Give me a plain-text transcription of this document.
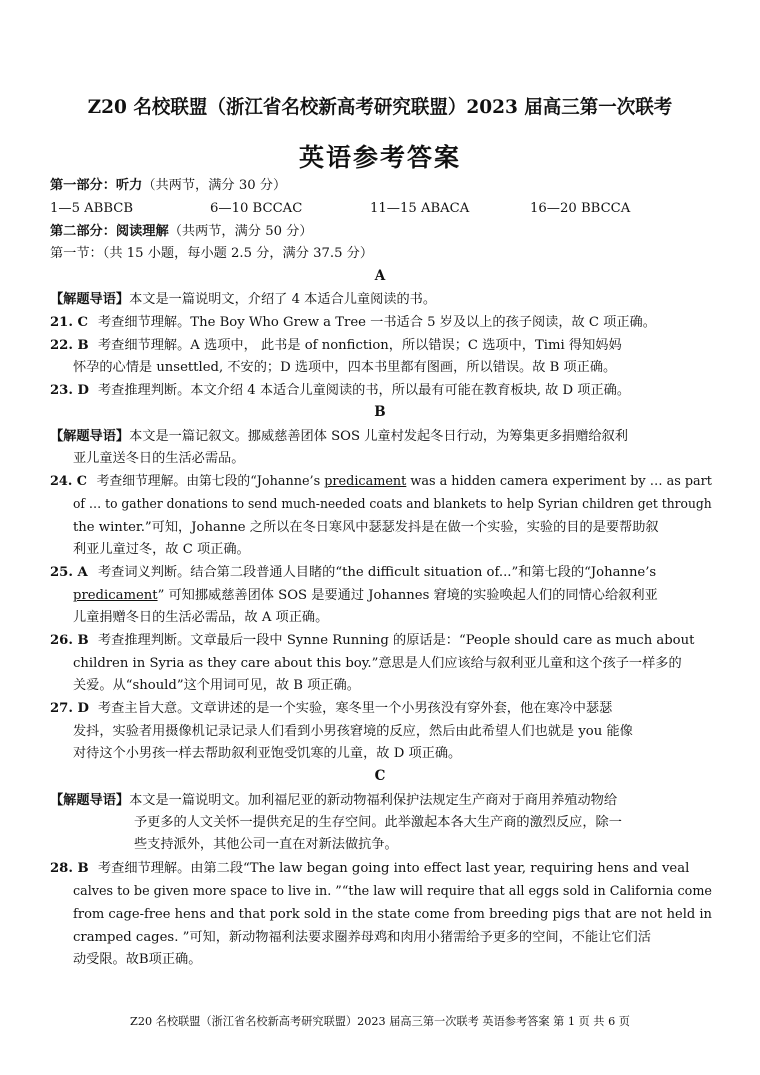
Z20 名校联盟（浙江省名校新高考研究联盟）2023 届高三第一次联考
英语参考答案
第一部分：听力（共两节，满分 30 分）
1—5 ABBCB	6—10 BCCAC	11—15 ABACA	16—20 BBCCA
第二部分：阅读理解（共两节，满分 50 分）
第一节：（共 15 小题，每小题 2.5 分，满分 37.5 分）
A
【解题导语】本文是一篇说明文，介绍了 4 本适合儿童阅读的书。
21. C 考查细节理解。The Boy Who Grew a Tree 一书适合 5 岁及以上的孩子阅读，故 C 项正确。
22. B 考查细节理解。A 选项中， 此书是 of nonfiction，所以错误；C 选项中，Timi 得知妈妈
怀孕的心情是 unsettled, 不安的；D 选项中，四本书里都有图画，所以错误。故 B 项正确。
23. D 考查推理判断。本文介绍 4 本适合儿童阅读的书，所以最有可能在教育板块, 故 D 项正确。
B
【解题导语】本文是一篇记叙文。挪威慈善团体 SOS 儿童村发起冬日行动，为筹集更多捐赠给叙利
亚儿童送冬日的生活必需品。
24. C 考查细节理解。由第七段的“Johanne’s predicament was a hidden camera experiment by … as part
of … to gather donations to send much-needed coats and blankets to help Syrian children get through
the winter.”可知，Johanne 之所以在冬日寒风中瑟瑟发抖是在做一个实验，实验的目的是要帮助叙
利亚儿童过冬，故 C 项正确。
25. A 考查词义判断。结合第二段普通人目睹的“the difficult situation of...”和第七段的“Johanne’s
predicament” 可知挪威慈善团体 SOS 是要通过 Johannes 窘境的实验唤起人们的同情心给叙利亚
儿童捐赠冬日的生活必需品，故 A 项正确。
26. B 考查推理判断。文章最后一段中 Synne Running 的原话是：“People should care as much about
children in Syria as they care about this boy.”意思是人们应该给与叙利亚儿童和这个孩子一样多的
关爱。从“should”这个用词可见，故 B 项正确。
27. D 考查主旨大意。文章讲述的是一个实验，寒冬里一个小男孩没有穿外套，他在寒冷中瑟瑟
发抖，实验者用摄像机记录记录人们看到小男孩窘境的反应，然后由此希望人们也就是 you 能像
对待这个小男孩一样去帮助叙利亚饱受饥寒的儿童，故 D 项正确。
C
【解题导语】本文是一篇说明文。加利福尼亚的新动物福利保护法规定生产商对于商用养殖动物给
予更多的人文关怀一提供充足的生存空间。此举激起本各大生产商的激烈反应，除一
些支持派外，其他公司一直在对新法做抗争。
28. B 考查细节理解。由第二段“The law began going into effect last year, requiring hens and veal
calves to be given more space to live in. ”“the law will require that all eggs sold in California come
from cage-free hens and that pork sold in the state come from breeding pigs that are not held in
cramped cages. ”可知，新动物福利法要求圈养母鸡和肉用小猪需给予更多的空间，不能让它们活
动受限。故B项正确。
Z20 名校联盟（浙江省名校新高考研究联盟）2023 届高三第一次联考 英语参考答案 第 1 页 共 6 页
